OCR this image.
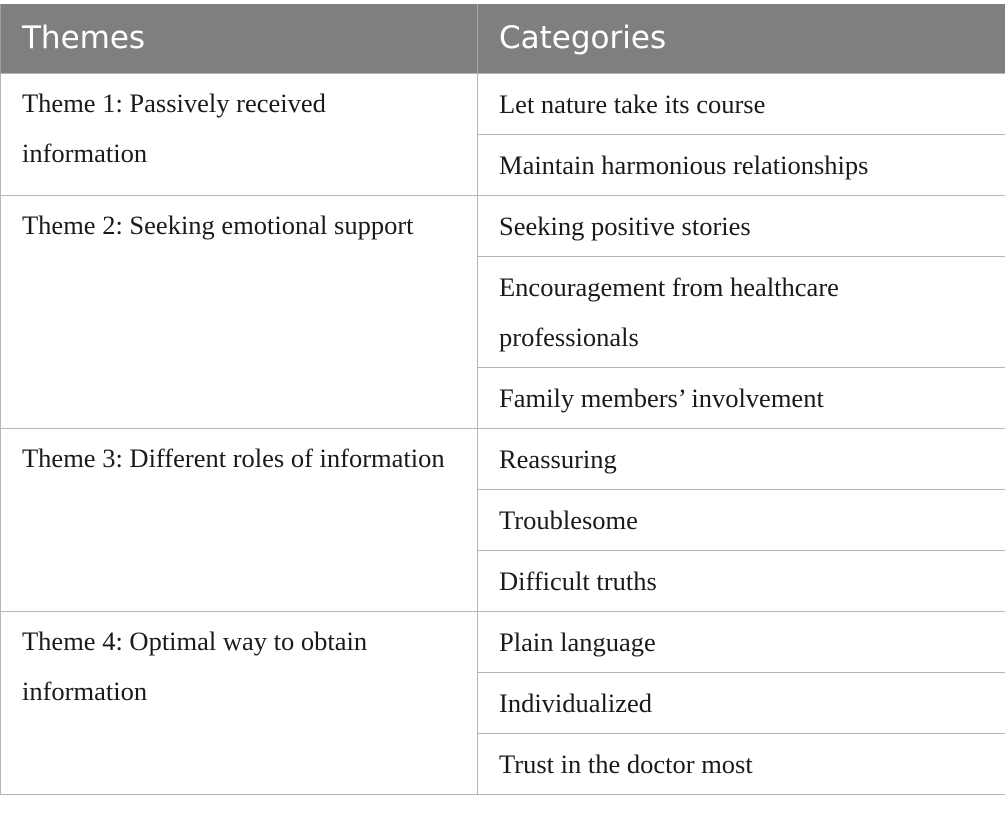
Themes	Categories
Theme 1: Passively received information	Let nature take its course
	Maintain harmonious relationships
Theme 2: Seeking emotional support	Seeking positive stories
	Encouragement from healthcare professionals
	Family members’ involvement
Theme 3: Different roles of information	Reassuring
	Troublesome
	Difficult truths
Theme 4: Optimal way to obtain information	Plain language
	Individualized
	Trust in the doctor most
